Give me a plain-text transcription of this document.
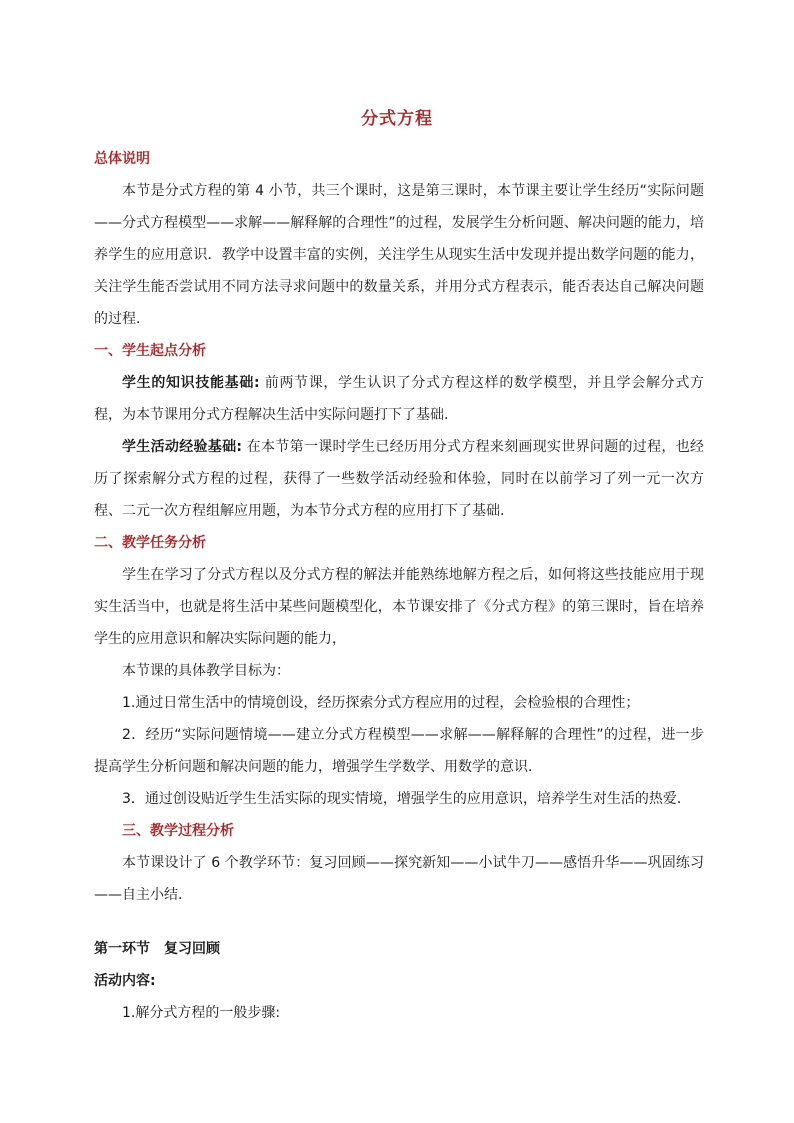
分式方程
总体说明
本节是分式方程的第 4 小节，共三个课时，这是第三课时，本节课主要让学生经历“实际问题——分式方程模型——求解——解释解的合理性”的过程，发展学生分析问题、解决问题的能力，培养学生的应用意识．教学中设置丰富的实例，关注学生从现实生活中发现并提出数学问题的能力，关注学生能否尝试用不同方法寻求问题中的数量关系，并用分式方程表示，能否表达自己解决问题的过程．
一、学生起点分析
学生的知识技能基础: 前两节课，学生认识了分式方程这样的数学模型，并且学会解分式方程，为本节课用分式方程解决生活中实际问题打下了基础.
学生活动经验基础: 在本节第一课时学生已经历用分式方程来刻画现实世界问题的过程，也经历了探索解分式方程的过程，获得了一些数学活动经验和体验，同时在以前学习了列一元一次方程、二元一次方程组解应用题，为本节分式方程的应用打下了基础.
二、教学任务分析
学生在学习了分式方程以及分式方程的解法并能熟练地解方程之后，如何将这些技能应用于现实生活当中，也就是将生活中某些问题模型化，本节课安排了《分式方程》的第三课时，旨在培养学生的应用意识和解决实际问题的能力，
本节课的具体教学目标为：
1.通过日常生活中的情境创设，经历探索分式方程应用的过程，会检验根的合理性；
2．经历“实际问题情境——建立分式方程模型——求解——解释解的合理性”的过程，进一步提高学生分析问题和解决问题的能力，增强学生学数学、用数学的意识．
3．通过创设贴近学生生活实际的现实情境，增强学生的应用意识，培养学生对生活的热爱．
三、教学过程分析
本节课设计了 6 个教学环节：复习回顾——探究新知——小试牛刀——感悟升华——巩固练习——自主小结.
第一环节　复习回顾
活动内容:
1.解分式方程的一般步骤:
